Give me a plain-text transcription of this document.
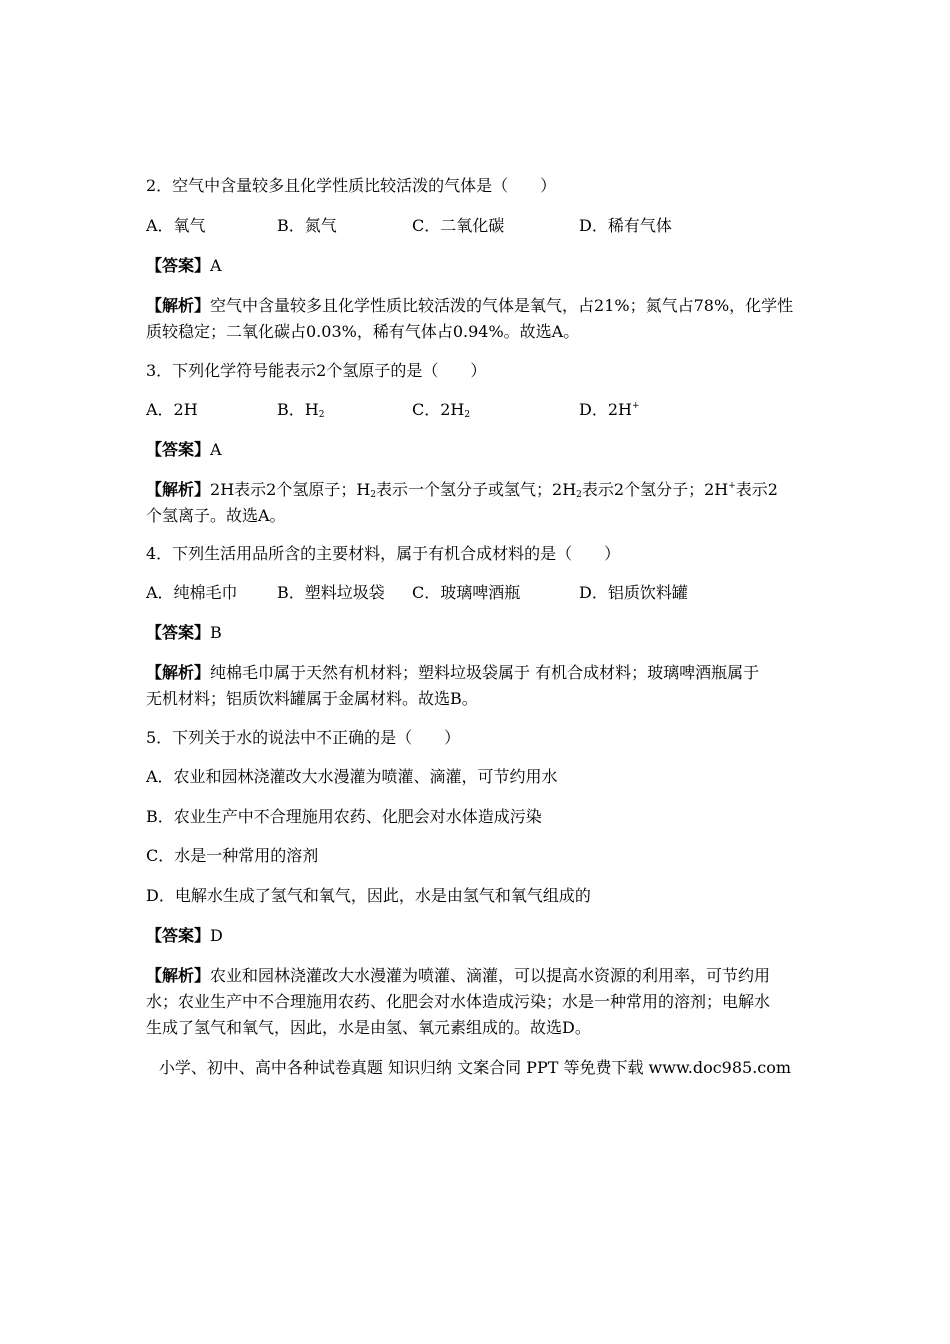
2．空气中含量较多且化学性质比较活泼的气体是（　　）
A．氧气	B．氮气	C．二氧化碳	D．稀有气体
【答案】A
【解析】空气中含量较多且化学性质比较活泼的气体是氧气，占21%；氮气占78%，化学性
质较稳定；二氧化碳占0.03%，稀有气体占0.94%。故选A。
3．下列化学符号能表示2个氢原子的是（　　）
A．2H	B．$H_2$	C．$2H_2$	D．2H+
【答案】A
【解析】2H表示2个氢原子；$H_2$表示一个氢分子或氢气；$2H_2$表示2个氢分子；2H+表示2
个氢离子。故选A。
4．下列生活用品所含的主要材料，属于有机合成材料的是（　　）
A．纯棉毛巾 B．塑料垃圾袋 C．玻璃啤酒瓶	D．铝质饮料罐
【答案】B
【解析】纯棉毛巾属于天然有机材料；塑料垃圾袋属于 有机合成材料；玻璃啤酒瓶属于
无机材料；铝质饮料罐属于金属材料。故选B。
5．下列关于水的说法中不正确的是（　　）
A．农业和园林浇灌改大水漫灌为喷灌、滴灌，可节约用水
B．农业生产中不合理施用农药、化肥会对水体造成污染
C．水是一种常用的溶剂
D．电解水生成了氢气和氧气，因此，水是由氢气和氧气组成的
【答案】D
【解析】农业和园林浇灌改大水漫灌为喷灌、滴灌，可以提高水资源的利用率，可节约用
水；农业生产中不合理施用农药、化肥会对水体造成污染；水是一种常用的溶剂；电解水
生成了氢气和氧气，因此，水是由氢、氧元素组成的。故选D。
小学、初中、高中各种试卷真题 知识归纳 文案合同 PPT 等免费下载 www.doc985.com
